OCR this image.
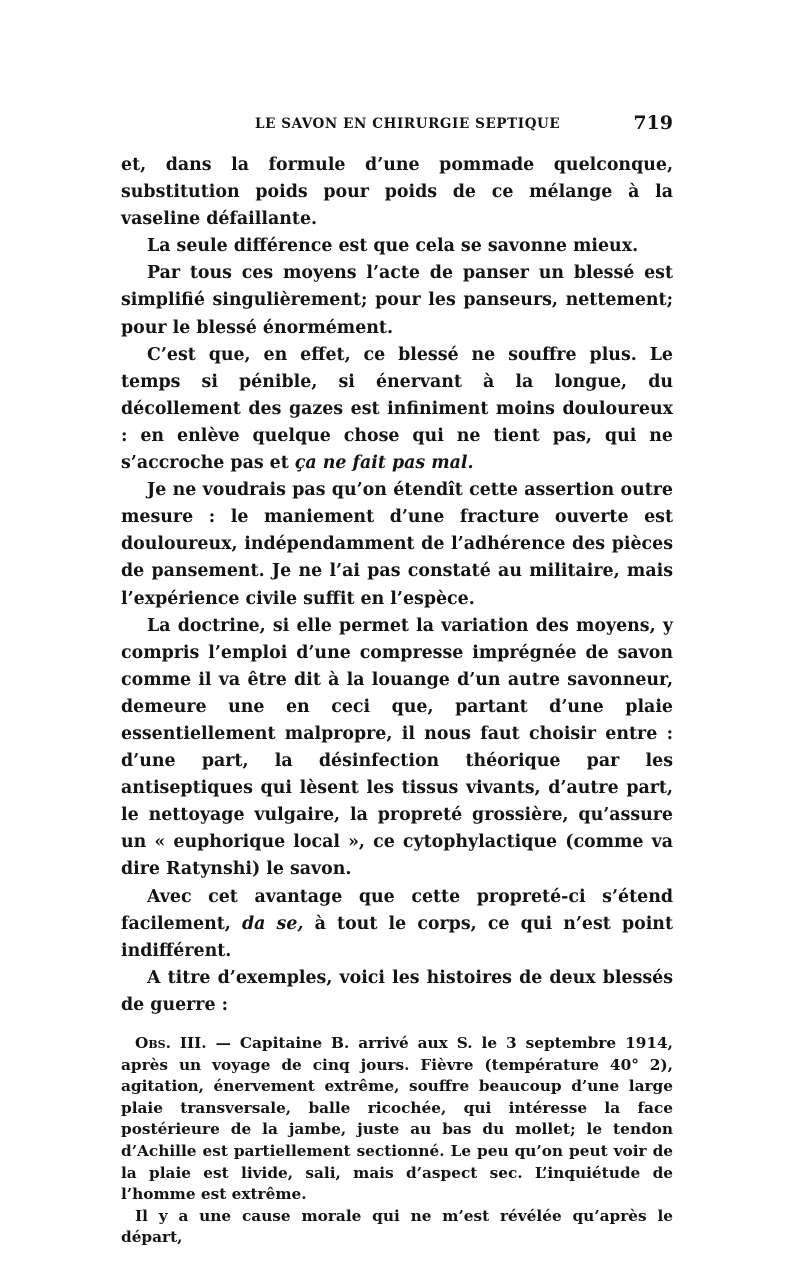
LE SAVON EN CHIRURGIE SEPTIQUE	719

et, dans la formule d’une pommade quelconque, substitution poids pour poids de ce mélange à la vaseline défaillante.

La seule différence est que cela se savonne mieux.

Par tous ces moyens l’acte de panser un blessé est simplifié singulièrement; pour les panseurs, nettement; pour le blessé énormément.

C’est que, en effet, ce blessé ne souffre plus. Le temps si pénible, si énervant à la longue, du décollement des gazes est infiniment moins douloureux : en enlève quelque chose qui ne tient pas, qui ne s’accroche pas et ça ne fait pas mal.

Je ne voudrais pas qu’on étendît cette assertion outre mesure : le maniement d’une fracture ouverte est douloureux, indépendamment de l’adhérence des pièces de pansement. Je ne l’ai pas constaté au militaire, mais l’expérience civile suffit en l’espèce.

La doctrine, si elle permet la variation des moyens, y compris l’emploi d’une compresse imprégnée de savon comme il va être dit à la louange d’un autre savonneur, demeure une en ceci que, partant d’une plaie essentiellement malpropre, il nous faut choisir entre : d’une part, la désinfection théorique par les antiseptiques qui lèsent les tissus vivants, d’autre part, le nettoyage vulgaire, la propreté grossière, qu’assure un « euphorique local », ce cytophylactique (comme va dire Ratynshi) le savon.

Avec cet avantage que cette propreté-ci s’étend facilement, da se, à tout le corps, ce qui n’est point indifférent.

A titre d’exemples, voici les histoires de deux blessés de guerre :

Obs. III. — Capitaine B. arrivé aux S. le 3 septembre 1914, après un voyage de cinq jours. Fièvre (température 40° 2), agitation, énervement extrême, souffre beaucoup d’une large plaie transversale, balle ricochée, qui intéresse la face postérieure de la jambe, juste au bas du mollet; le tendon d’Achille est partiellement sectionné. Le peu qu’on peut voir de la plaie est livide, sali, mais d’aspect sec. L’inquiétude de l’homme est extrême.

Il y a une cause morale qui ne m’est révélée qu’après le départ,
